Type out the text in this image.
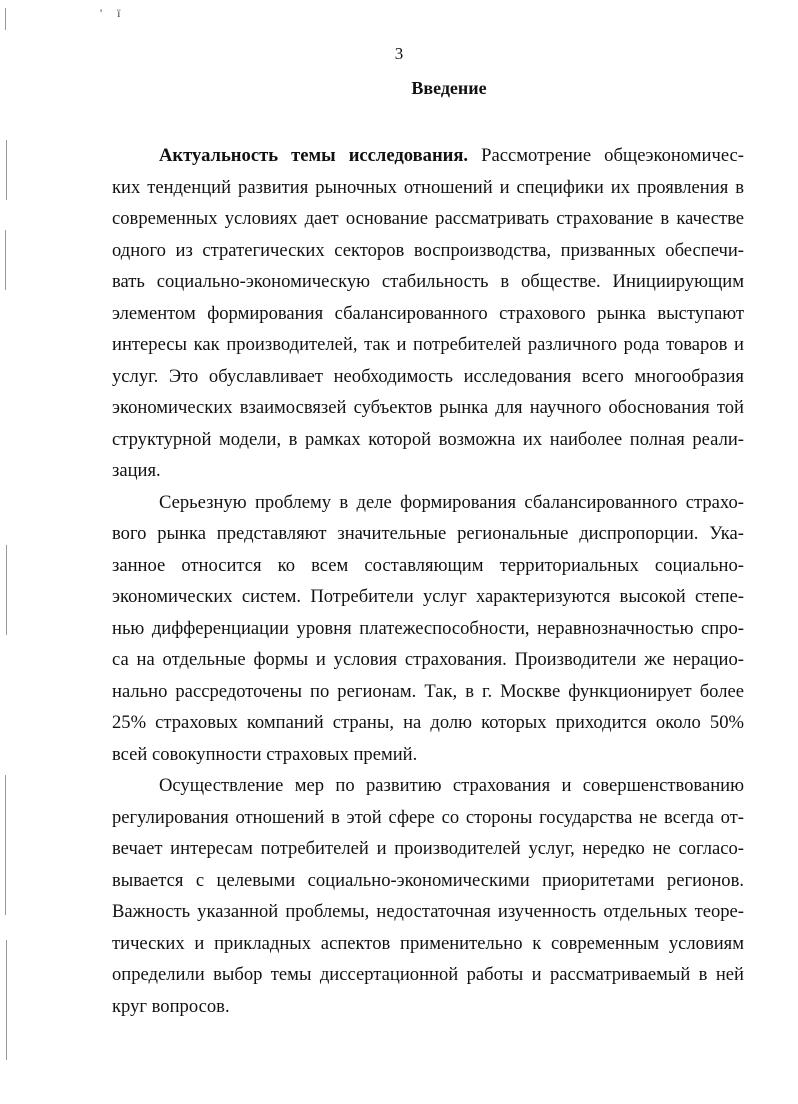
'     ї
3
Введение
Актуальность темы исследования. Рассмотрение общеэкономичес-
ких тенденций развития рыночных отношений и специфики их проявления в
современных условиях дает основание рассматривать страхование в качестве
одного из стратегических секторов воспроизводства, призванных обеспечи-
вать социально-экономическую стабильность в обществе. Инициирующим
элементом формирования сбалансированного страхового рынка выступают
интересы как производителей, так и потребителей различного рода товаров и
услуг. Это обуславливает необходимость исследования всего многообразия
экономических взаимосвязей субъектов рынка для научного обоснования той
структурной модели, в рамках которой возможна их наиболее полная реали-
зация.
Серьезную проблему в деле формирования сбалансированного страхо-
вого рынка представляют значительные региональные диспропорции. Ука-
занное относится ко всем составляющим территориальных социально-
экономических систем. Потребители услуг характеризуются высокой степе-
нью дифференциации уровня платежеспособности, неравнозначностью спро-
са на отдельные формы и условия страхования. Производители же нерацио-
нально рассредоточены по регионам. Так, в г. Москве функционирует более
25% страховых компаний страны, на долю которых приходится около 50%
всей совокупности страховых премий.
Осуществление мер по развитию страхования и совершенствованию
регулирования отношений в этой сфере со стороны государства не всегда от-
вечает интересам потребителей и производителей услуг, нередко не согласо-
вывается с целевыми социально-экономическими приоритетами регионов.
Важность указанной проблемы, недостаточная изученность отдельных теоре-
тических и прикладных аспектов применительно к современным условиям
определили выбор темы диссертационной работы и рассматриваемый в ней
круг вопросов.
